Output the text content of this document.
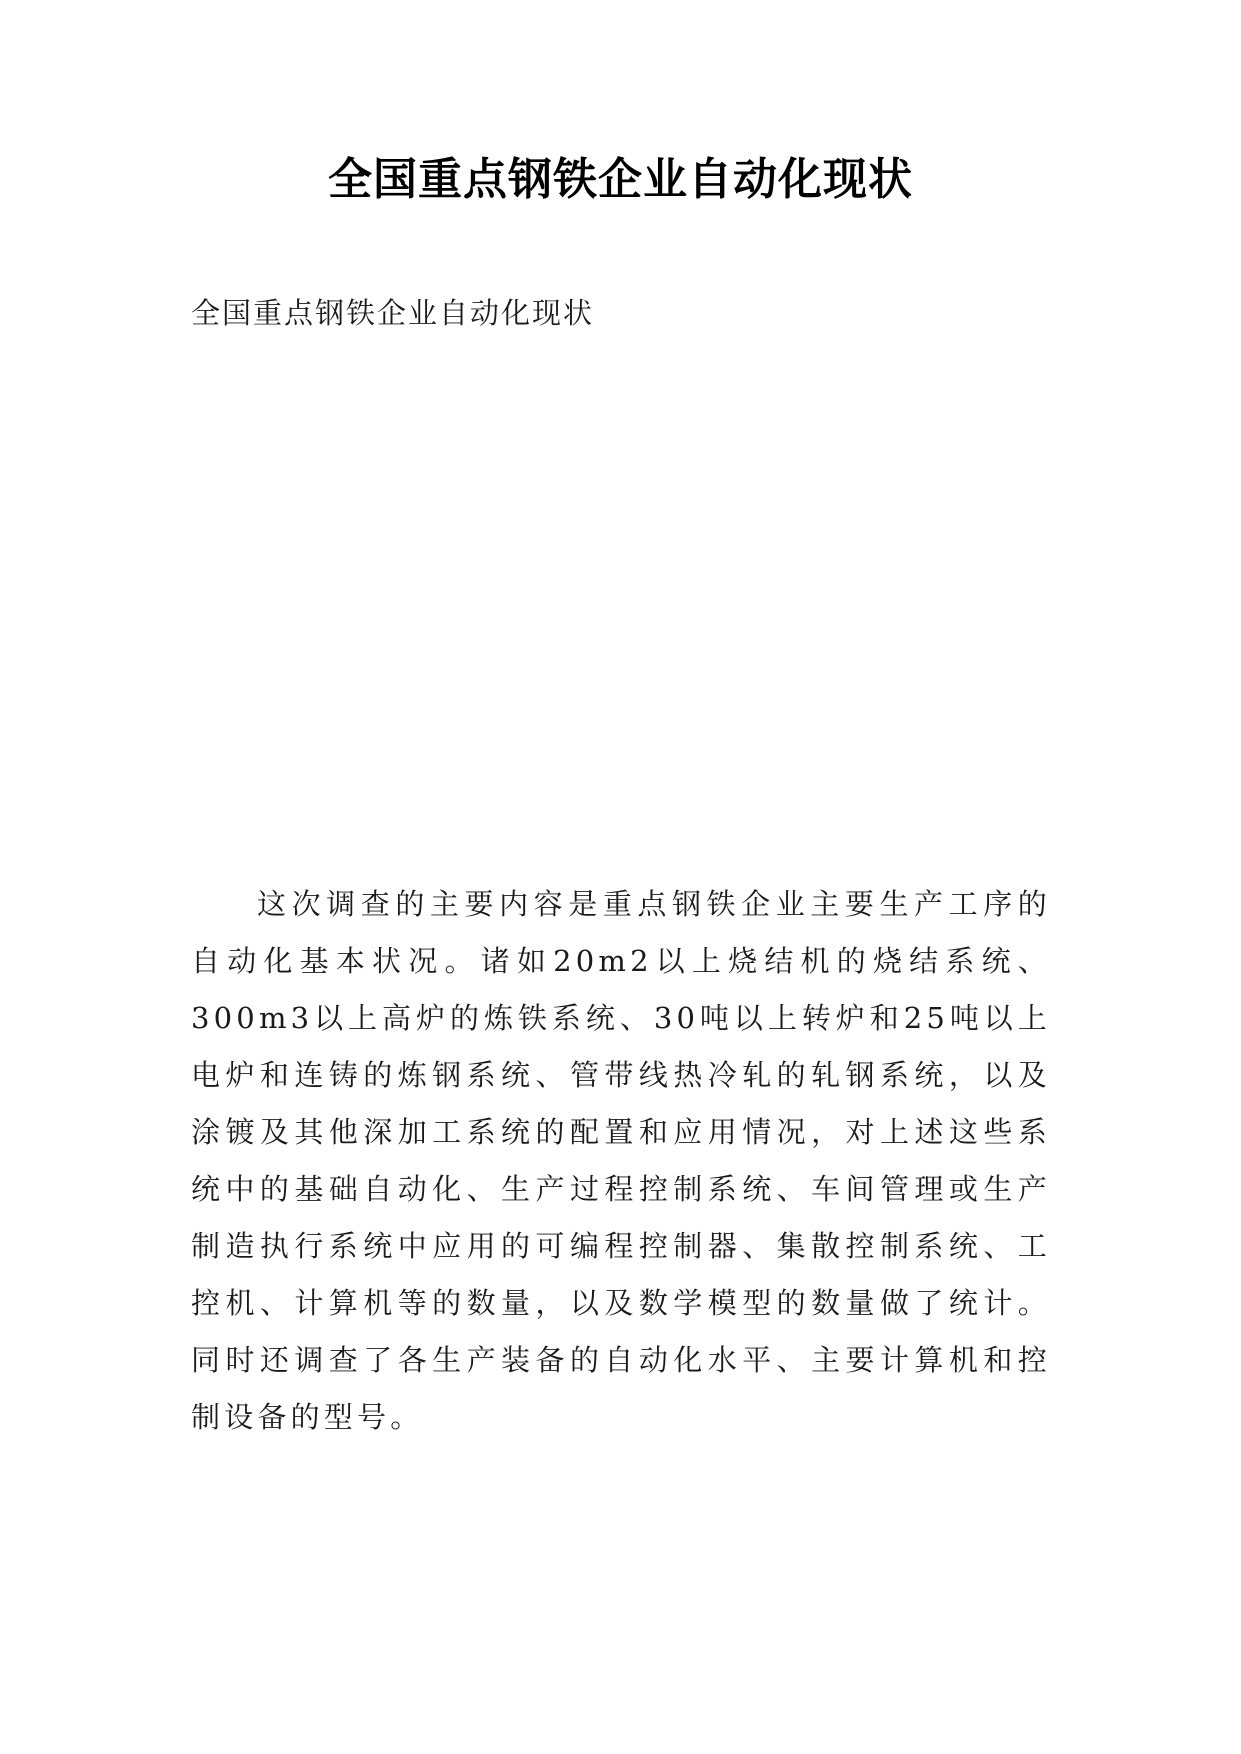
全国重点钢铁企业自动化现状
全国重点钢铁企业自动化现状

这次调查的主要内容是重点钢铁企业主要生产工序的自动化基本状况。诸如20m2以上烧结机的烧结系统、300m3以上高炉的炼铁系统、30吨以上转炉和25吨以上电炉和连铸的炼钢系统、管带线热冷轧的轧钢系统，以及涂镀及其他深加工系统的配置和应用情况，对上述这些系统中的基础自动化、生产过程控制系统、车间管理或生产制造执行系统中应用的可编程控制器、集散控制系统、工控机、计算机等的数量，以及数学模型的数量做了统计。同时还调查了各生产装备的自动化水平、主要计算机和控制设备的型号。
